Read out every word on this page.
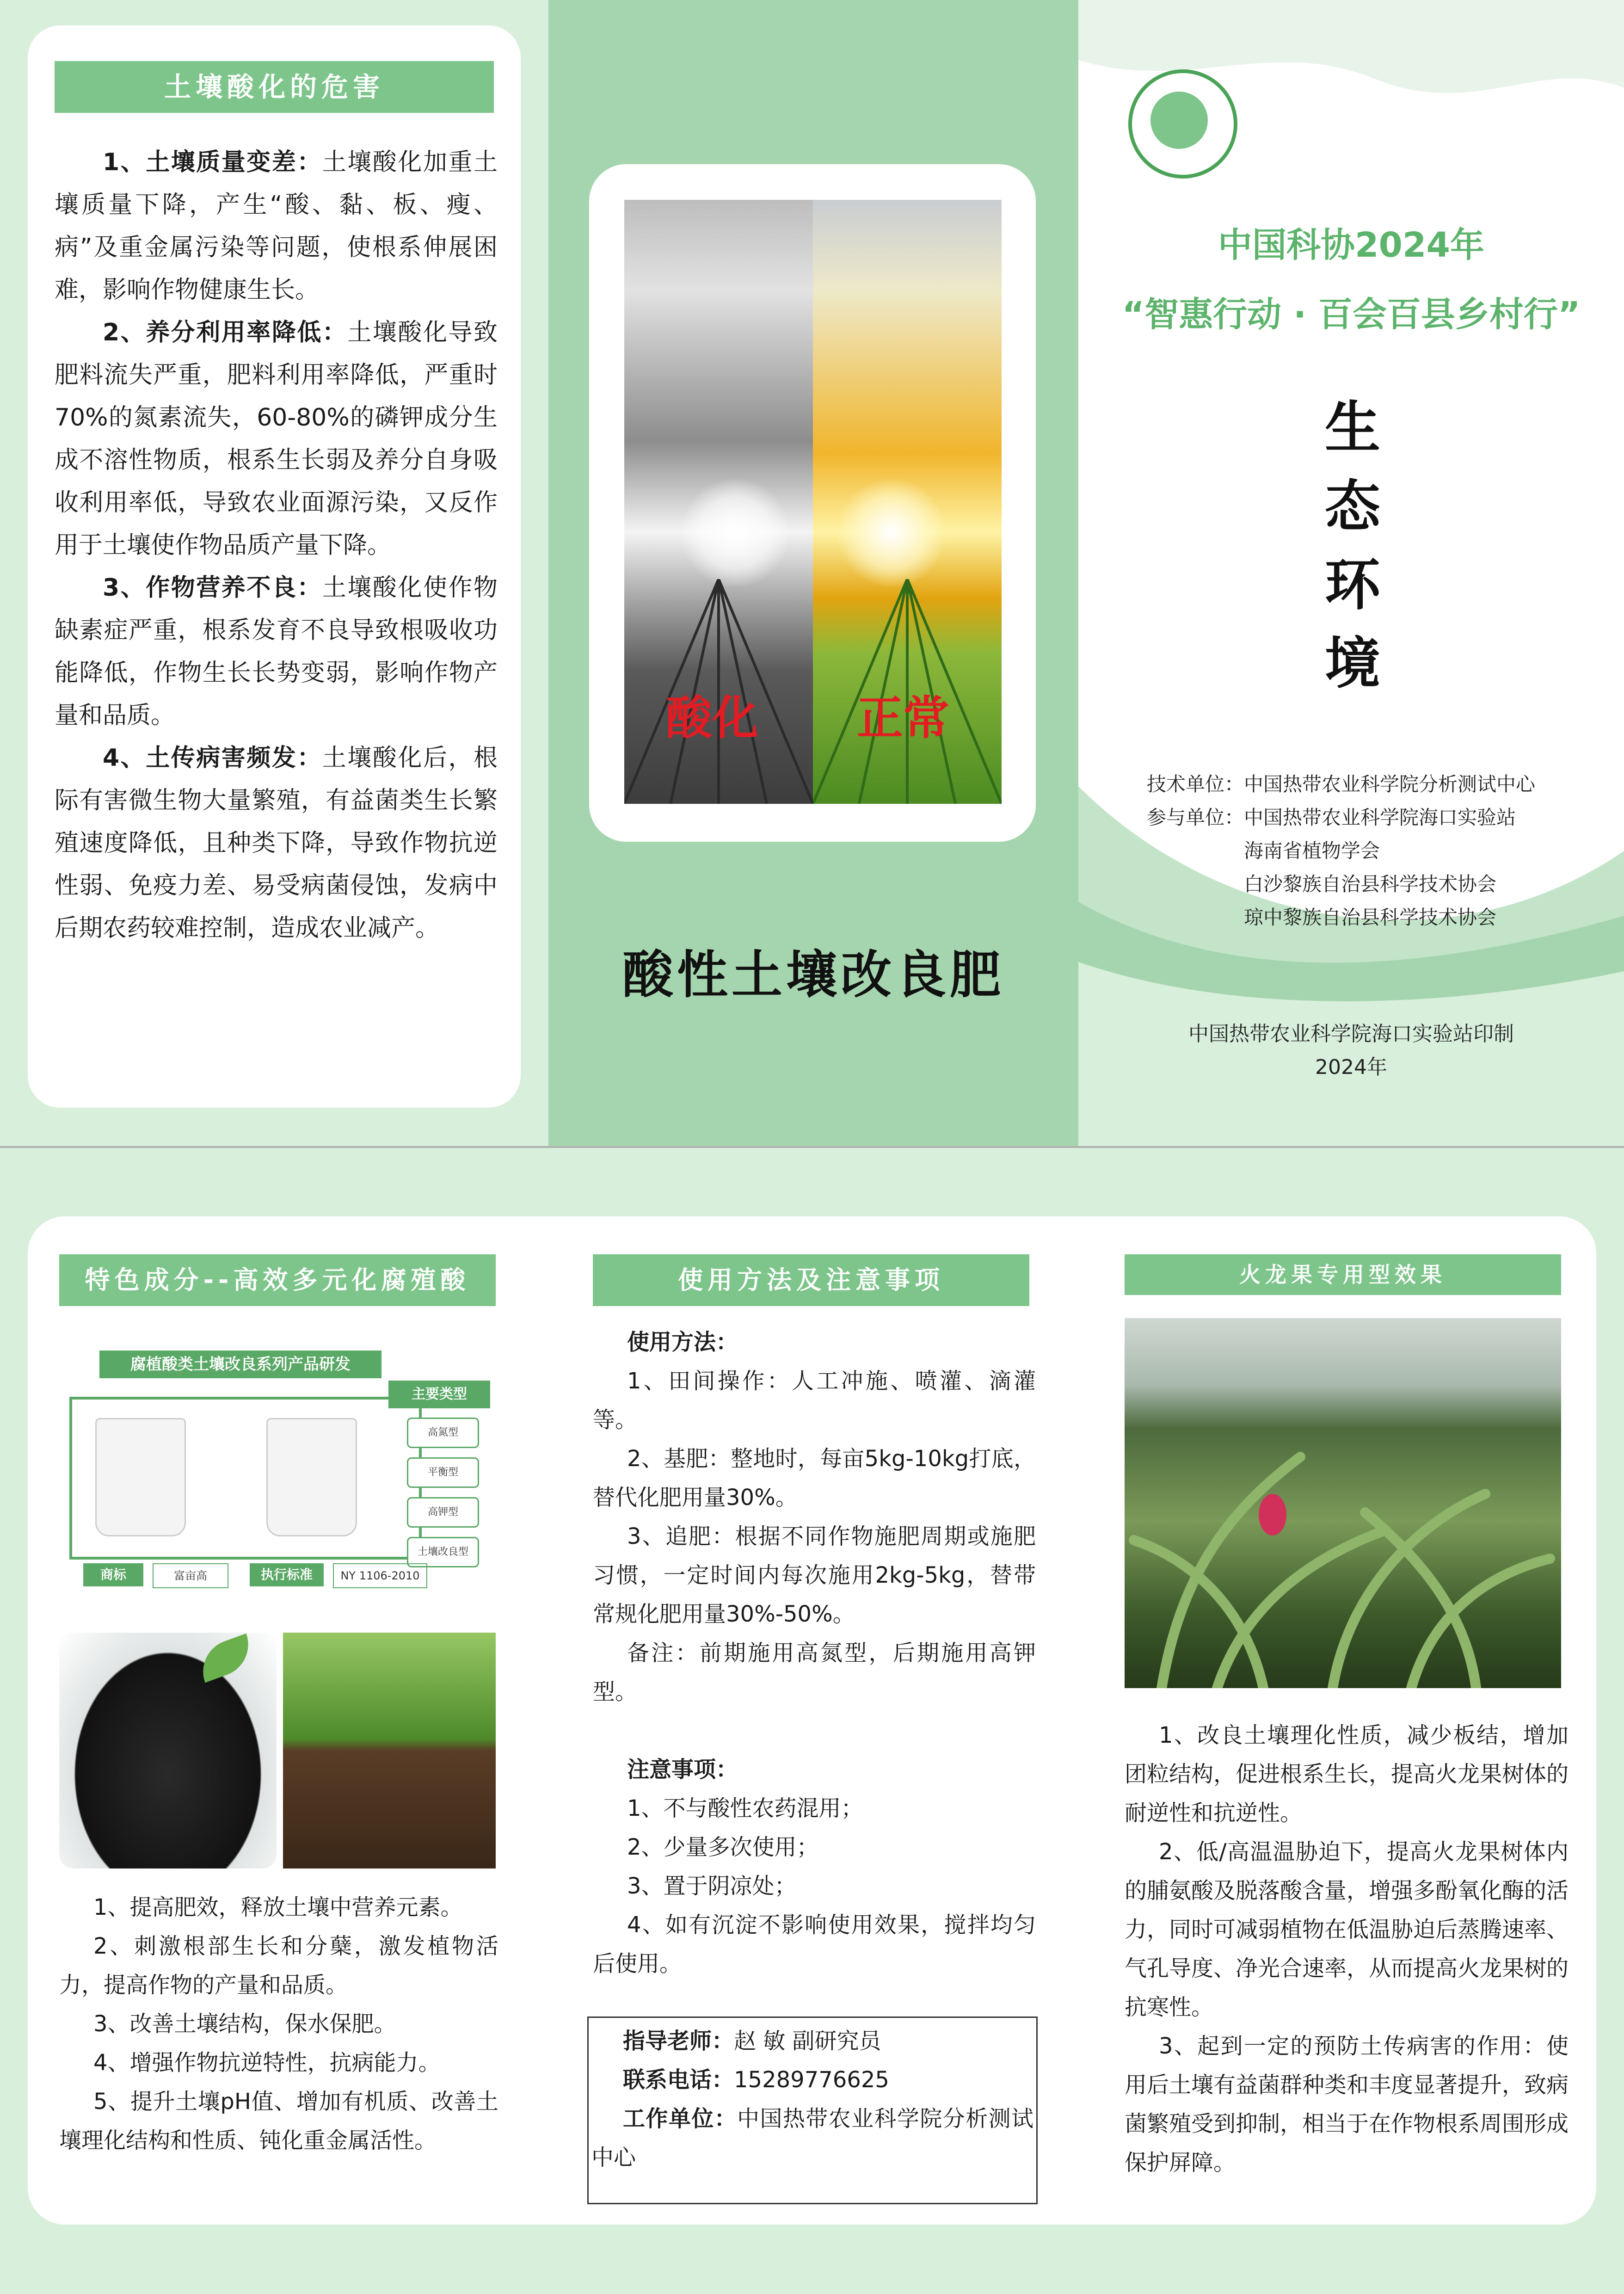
土壤酸化的危害

1、土壤质量变差：土壤酸化加重土壤质量下降，产生“酸、黏、板、瘦、病”及重金属污染等问题，使根系伸展困难，影响作物健康生长。

2、养分利用率降低：土壤酸化导致肥料流失严重，肥料利用率降低，严重时70%的氮素流失，60-80%的磷钾成分生成不溶性物质，根系生长弱及养分自身吸收利用率低，导致农业面源污染，又反作用于土壤使作物品质产量下降。

3、作物营养不良：土壤酸化使作物缺素症严重，根系发育不良导致根吸收功能降低，作物生长长势变弱，影响作物产量和品质。

4、土传病害频发：土壤酸化后，根际有害微生物大量繁殖，有益菌类生长繁殖速度降低，且种类下降，导致作物抗逆性弱、免疫力差、易受病菌侵蚀，发病中后期农药较难控制，造成农业减产。

酸化 正常
酸性土壤改良肥
中国科协2024年
“智惠行动 · 百会百县乡村行”
生
态
环
境
技术单位：中国热带农业科学院分析测试中心
参与单位：中国热带农业科学院海口实验站
海南省植物学会
白沙黎族自治县科学技术协会
琼中黎族自治县科学技术协会
中国热带农业科学院海口实验站印制
2024年
特色成分--高效多元化腐殖酸
腐植酸类土壤改良系列产品研发
主要类型
高氮型
平衡型
高钾型
土壤改良型
商标	富亩高	执行标准	NY 1106-2010

1、提高肥效，释放土壤中营养元素。

2、刺激根部生长和分蘖，激发植物活力，提高作物的产量和品质。

3、改善土壤结构，保水保肥。

4、增强作物抗逆特性，抗病能力。

5、提升土壤pH值、增加有机质、改善土壤理化结构和性质、钝化重金属活性。

使用方法及注意事项

使用方法：

1、田间操作：人工冲施、喷灌、滴灌等。

2、基肥：整地时，每亩5kg-10kg打底，替代化肥用量30%。

3、追肥：根据不同作物施肥周期或施肥习惯，一定时间内每次施用2kg-5kg，替带常规化肥用量30%-50%。

备注：前期施用高氮型，后期施用高钾型。

注意事项：

1、不与酸性农药混用；

2、少量多次使用；

3、置于阴凉处；

4、如有沉淀不影响使用效果，搅拌均匀后使用。

指导老师：赵 敏 副研究员
联系电话：15289776625
工作单位：中国热带农业科学院分析测试中心
火龙果专用型效果

1、改良土壤理化性质，减少板结，增加团粒结构，促进根系生长，提高火龙果树体的耐逆性和抗逆性。

2、低/高温温胁迫下，提高火龙果树体内的脯氨酸及脱落酸含量，增强多酚氧化酶的活力，同时可减弱植物在低温胁迫后蒸腾速率、气孔导度、净光合速率，从而提高火龙果树的抗寒性。

3、起到一定的预防土传病害的作用：使用后土壤有益菌群种类和丰度显著提升，致病菌繁殖受到抑制，相当于在作物根系周围形成保护屏障。
